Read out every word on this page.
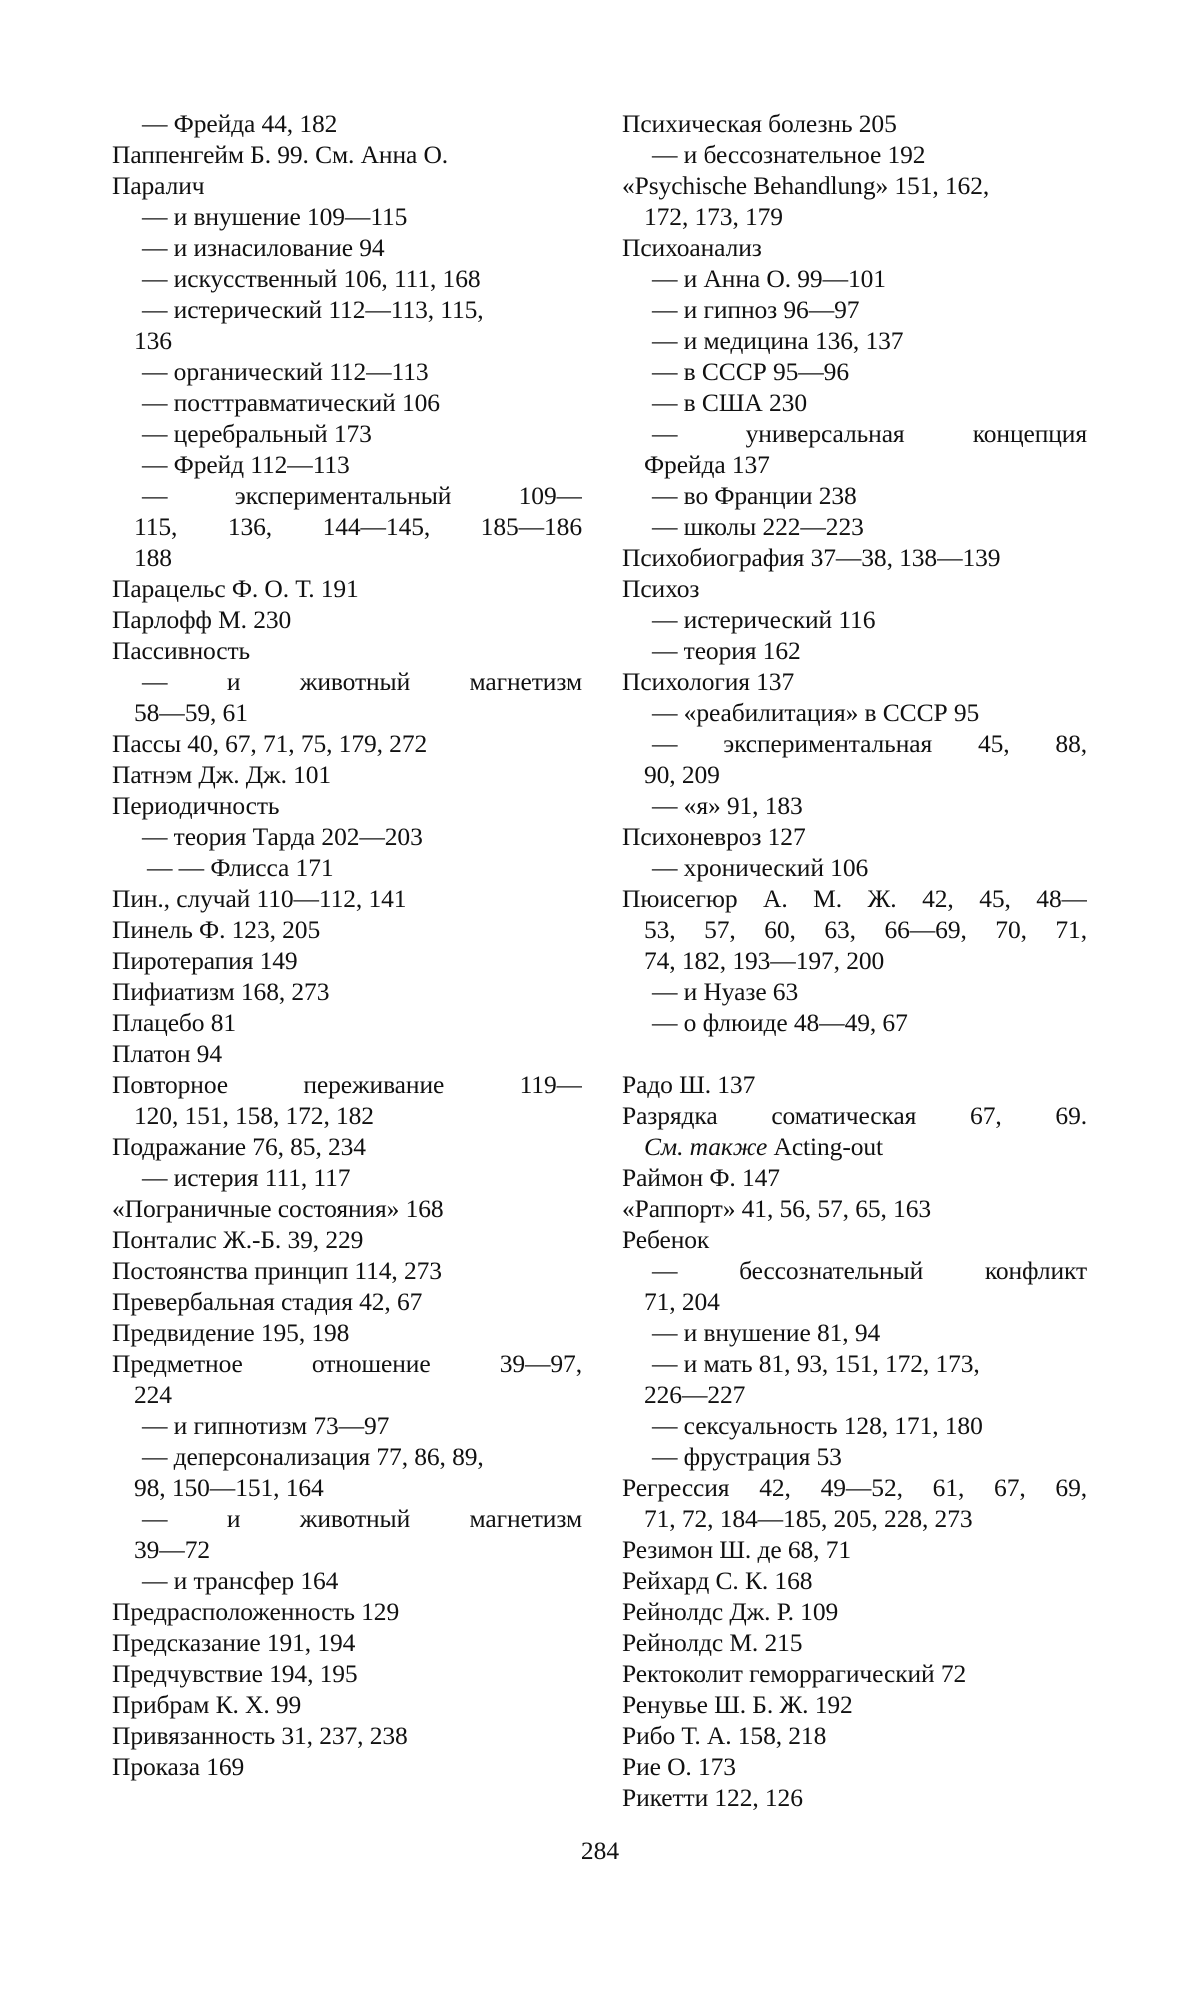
— Фрейда 44, 182
Паппенгейм Б. 99. См. Анна О.
Паралич
— и внушение 109—115
— и изнасилование 94
— искусственный 106, 111, 168
— истерический 112—113, 115,
136
— органический 112—113
— посттравматический 106
— церебральный 173
— Фрейд 112—113
— экспериментальный 109—
115, 136, 144—145, 185—186
188
Парацельс Ф. О. Т. 191
Парлофф М. 230
Пассивность
— и животный магнетизм
58—59, 61
Пассы 40, 67, 71, 75, 179, 272
Патнэм Дж. Дж. 101
Периодичность
— теория Тарда 202—203
— — Флисса 171
Пин., случай 110—112, 141
Пинель Ф. 123, 205
Пиротерапия 149
Пифиатизм 168, 273
Плацебо 81
Платон 94
Повторное переживание 119—
120, 151, 158, 172, 182
Подражание 76, 85, 234
— истерия 111, 117
«Пограничные состояния» 168
Понталис Ж.-Б. 39, 229
Постоянства принцип 114, 273
Превербальная стадия 42, 67
Предвидение 195, 198
Предметное отношение 39—97,
224
— и гипнотизм 73—97
— деперсонализация 77, 86, 89,
98, 150—151, 164
— и животный магнетизм
39—72
— и трансфер 164
Предрасположенность 129
Предсказание 191, 194
Предчувствие 194, 195
Прибрам К. Х. 99
Привязанность 31, 237, 238
Проказа 169
Психическая болезнь 205
— и бессознательное 192
«Psychische Behandlung» 151, 162,
172, 173, 179
Психоанализ
— и Анна О. 99—101
— и гипноз 96—97
— и медицина 136, 137
— в СССР 95—96
— в США 230
— универсальная концепция
Фрейда 137
— во Франции 238
— школы 222—223
Психобиография 37—38, 138—139
Психоз
— истерический 116
— теория 162
Психология 137
— «реабилитация» в СССР 95
— экспериментальная 45, 88,
90, 209
— «я» 91, 183
Психоневроз 127
— хронический 106
Пюисегюр А. М. Ж. 42, 45, 48—
53, 57, 60, 63, 66—69, 70, 71,
74, 182, 193—197, 200
— и Нуазе 63
— о флюиде 48—49, 67
Радо Ш. 137
Разрядка соматическая 67, 69.
См. также Acting-out
Раймон Ф. 147
«Раппорт» 41, 56, 57, 65, 163
Ребенок
— бессознательный конфликт
71, 204
— и внушение 81, 94
— и мать 81, 93, 151, 172, 173,
226—227
— сексуальность 128, 171, 180
— фрустрация 53
Регрессия 42, 49—52, 61, 67, 69,
71, 72, 184—185, 205, 228, 273
Резимон Ш. де 68, 71
Рейхард С. К. 168
Рейнолдс Дж. Р. 109
Рейнолдс М. 215
Ректоколит геморрагический 72
Ренувье Ш. Б. Ж. 192
Рибо Т. А. 158, 218
Рие О. 173
Рикетти 122, 126
284
